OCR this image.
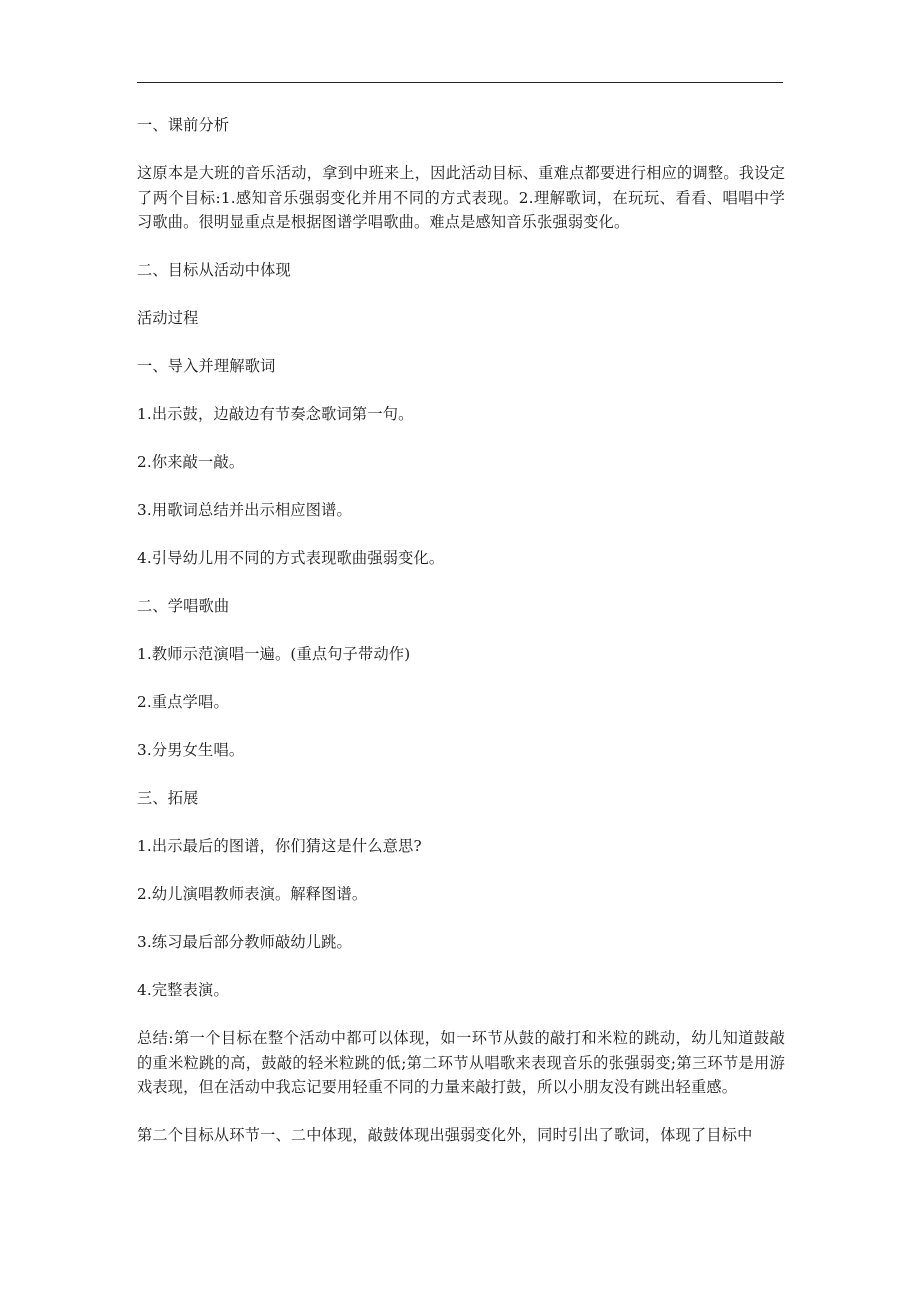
一、课前分析

这原本是大班的音乐活动，拿到中班来上，因此活动目标、重难点都要进行相应的调整。我设定了两个目标:1.感知音乐强弱变化并用不同的方式表现。2.理解歌词，在玩玩、看看、唱唱中学习歌曲。很明显重点是根据图谱学唱歌曲。难点是感知音乐张强弱变化。

二、目标从活动中体现

活动过程

一、导入并理解歌词

1.出示鼓，边敲边有节奏念歌词第一句。

2.你来敲一敲。

3.用歌词总结并出示相应图谱。

4.引导幼儿用不同的方式表现歌曲强弱变化。

二、学唱歌曲

1.教师示范演唱一遍。(重点句子带动作)

2.重点学唱。

3.分男女生唱。

三、拓展

1.出示最后的图谱，你们猜这是什么意思?

2.幼儿演唱教师表演。解释图谱。

3.练习最后部分教师敲幼儿跳。

4.完整表演。

总结:第一个目标在整个活动中都可以体现，如一环节从鼓的敲打和米粒的跳动，幼儿知道鼓敲的重米粒跳的高，鼓敲的轻米粒跳的低;第二环节从唱歌来表现音乐的张强弱变;第三环节是用游戏表现，但在活动中我忘记要用轻重不同的力量来敲打鼓，所以小朋友没有跳出轻重感。

第二个目标从环节一、二中体现，敲鼓体现出强弱变化外，同时引出了歌词，体现了目标中
